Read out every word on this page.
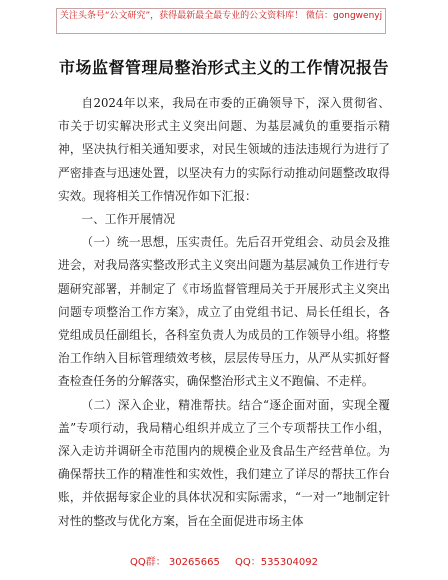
关注头条号“公文研究”，获得最新最全最专业的公文资料库！ 微信：gongwenyj
市场监督管理局整治形式主义的工作情况报告

自2024年以来，我局在市委的正确领导下，深入贯彻省、市关于切实解决形式主义突出问题、为基层减负的重要指示精神，坚决执行相关通知要求，对民生领域的违法违规行为进行了严密排查与迅速处置，以坚决有力的实际行动推动问题整改取得实效。现将相关工作情况作如下汇报：

一、工作开展情况

（一）统一思想，压实责任。先后召开党组会、动员会及推进会，对我局落实整改形式主义突出问题为基层减负工作进行专题研究部署，并制定了《市场监督管理局关于开展形式主义突出问题专项整治工作方案》，成立了由党组书记、局长任组长，各党组成员任副组长，各科室负责人为成员的工作领导小组。将整治工作纳入目标管理绩效考核，层层传导压力，从严从实抓好督查检查任务的分解落实，确保整治形式主义不跑偏、不走样。

（二）深入企业，精准帮扶。结合“逐企面对面，实现全覆盖”专项行动，我局精心组织并成立了三个专项帮扶工作小组，深入走访并调研全市范围内的规模企业及食品生产经营单位。为确保帮扶工作的精准性和实效性，我们建立了详尽的帮扶工作台账，并依据每家企业的具体状况和实际需求，“一对一”地制定针对性的整改与优化方案，旨在全面促进市场主体

QQ群： 30265665 QQ：535304092
